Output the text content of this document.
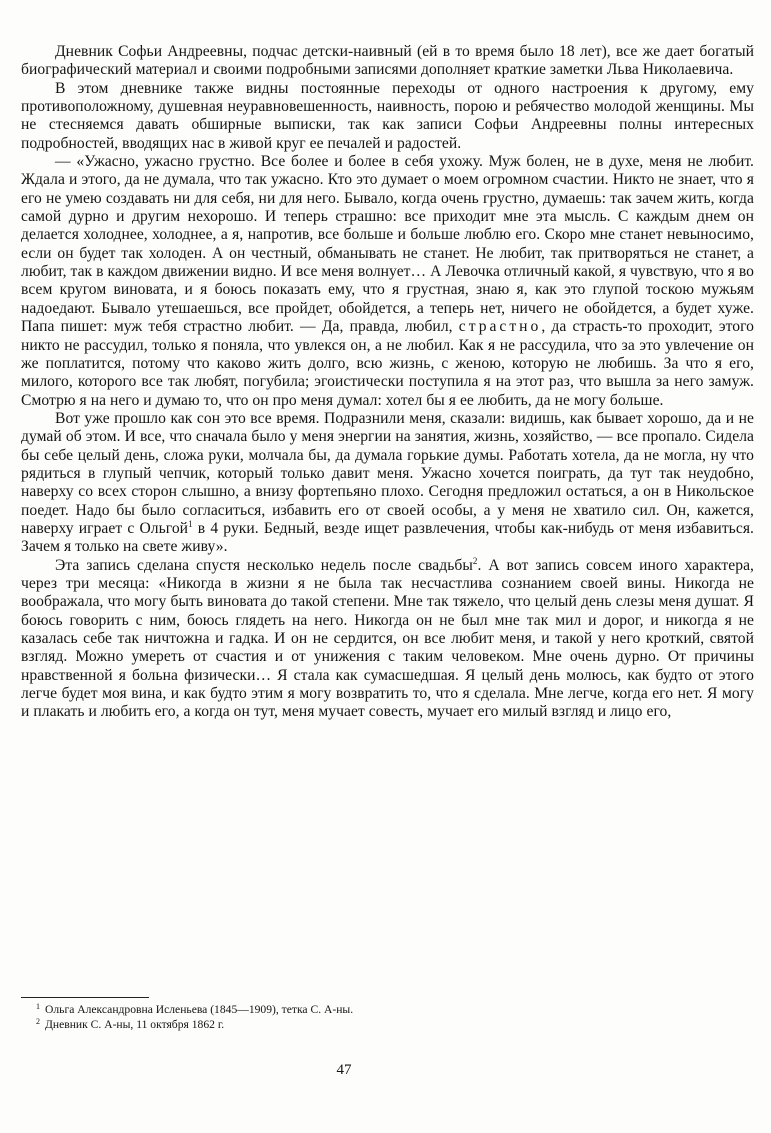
Дневник Софьи Андреевны, подчас детски-наивный (ей в то время было 18 лет), все же дает богатый биографический материал и своими подробными записями дополняет краткие заметки Льва Николаевича.

В этом дневнике также видны постоянные переходы от одного настроения к другому, ему противоположному, душевная неуравновешенность, наивность, порою и ребячество молодой женщины. Мы не стесняемся давать обширные выписки, так как записи Софьи Андреевны полны интересных подробностей, вводящих нас в живой круг ее печалей и радостей.

— «Ужасно, ужасно грустно. Все более и более в себя ухожу. Муж болен, не в духе, меня не любит. Ждала и этого, да не думала, что так ужасно. Кто это думает о моем огромном счастии. Никто не знает, что я его не умею создавать ни для себя, ни для него. Бывало, когда очень грустно, думаешь: так зачем жить, когда самой дурно и другим нехорошо. И теперь страшно: все приходит мне эта мысль. С каждым днем он делается холоднее, холоднее, а я, напротив, все больше и больше люблю его. Скоро мне станет невыносимо, если он будет так холоден. А он честный, обманывать не станет. Не любит, так притворяться не станет, а любит, так в каждом движении видно. И все меня волнует… А Левочка отличный какой, я чувствую, что я во всем кругом виновата, и я боюсь показать ему, что я грустная, знаю я, как это глупой тоскою мужьям надоедают. Бывало утешаешься, все пройдет, обойдется, а теперь нет, ничего не обойдется, а будет хуже. Папа пишет: муж тебя страстно любит. — Да, правда, любил, страстно, да страсть-то проходит, этого никто не рассудил, только я поняла, что увлекся он, а не любил. Как я не рассудила, что за это увлечение он же поплатится, потому что каково жить долго, всю жизнь, с женою, которую не любишь. За что я его, милого, которого все так любят, погубила; эгоистически поступила я на этот раз, что вышла за него замуж. Смотрю я на него и думаю то, что он про меня думал: хотел бы я ее любить, да не могу больше.

Вот уже прошло как сон это все время. Подразнили меня, сказали: видишь, как бывает хорошо, да и не думай об этом. И все, что сначала было у меня энергии на занятия, жизнь, хозяйство, — все пропало. Сидела бы себе целый день, сложа руки, молчала бы, да думала горькие думы. Работать хотела, да не могла, ну что рядиться в глупый чепчик, который только давит меня. Ужасно хочется поиграть, да тут так неудобно, наверху со всех сторон слышно, а внизу фортепьяно плохо. Сегодня предложил остаться, а он в Никольское поедет. Надо бы было согласиться, избавить его от своей особы, а у меня не хватило сил. Он, кажется, наверху играет с Ольгой$^1$ в 4 руки. Бедный, везде ищет развлечения, чтобы как-нибудь от меня избавиться. Зачем я только на свете живу».

Эта запись сделана спустя несколько недель после свадьбы$^2$. А вот запись совсем иного характера, через три месяца: «Никогда в жизни я не была так несчастлива сознанием своей вины. Никогда не воображала, что могу быть виновата до такой степени. Мне так тяжело, что целый день слезы меня душат. Я боюсь говорить с ним, боюсь глядеть на него. Никогда он не был мне так мил и дорог, и никогда я не казалась себе так ничтожна и гадка. И он не сердится, он все любит меня, и такой у него кроткий, святой взгляд. Можно умереть от счастия и от унижения с таким человеком. Мне очень дурно. От причины нравственной я больна физически… Я стала как сумасшедшая. Я целый день молюсь, как будто от этого легче будет моя вина, и как будто этим я могу возвратить то, что я сделала. Мне легче, когда его нет. Я могу и плакать и любить его, а когда он тут, меня мучает совесть, мучает его милый взгляд и лицо его,

$^1$ Ольга Александровна Исленьева (1845—1909), тетка С. А-ны.

$^2$ Дневник С. А-ны, 11 октября 1862 г.

47
